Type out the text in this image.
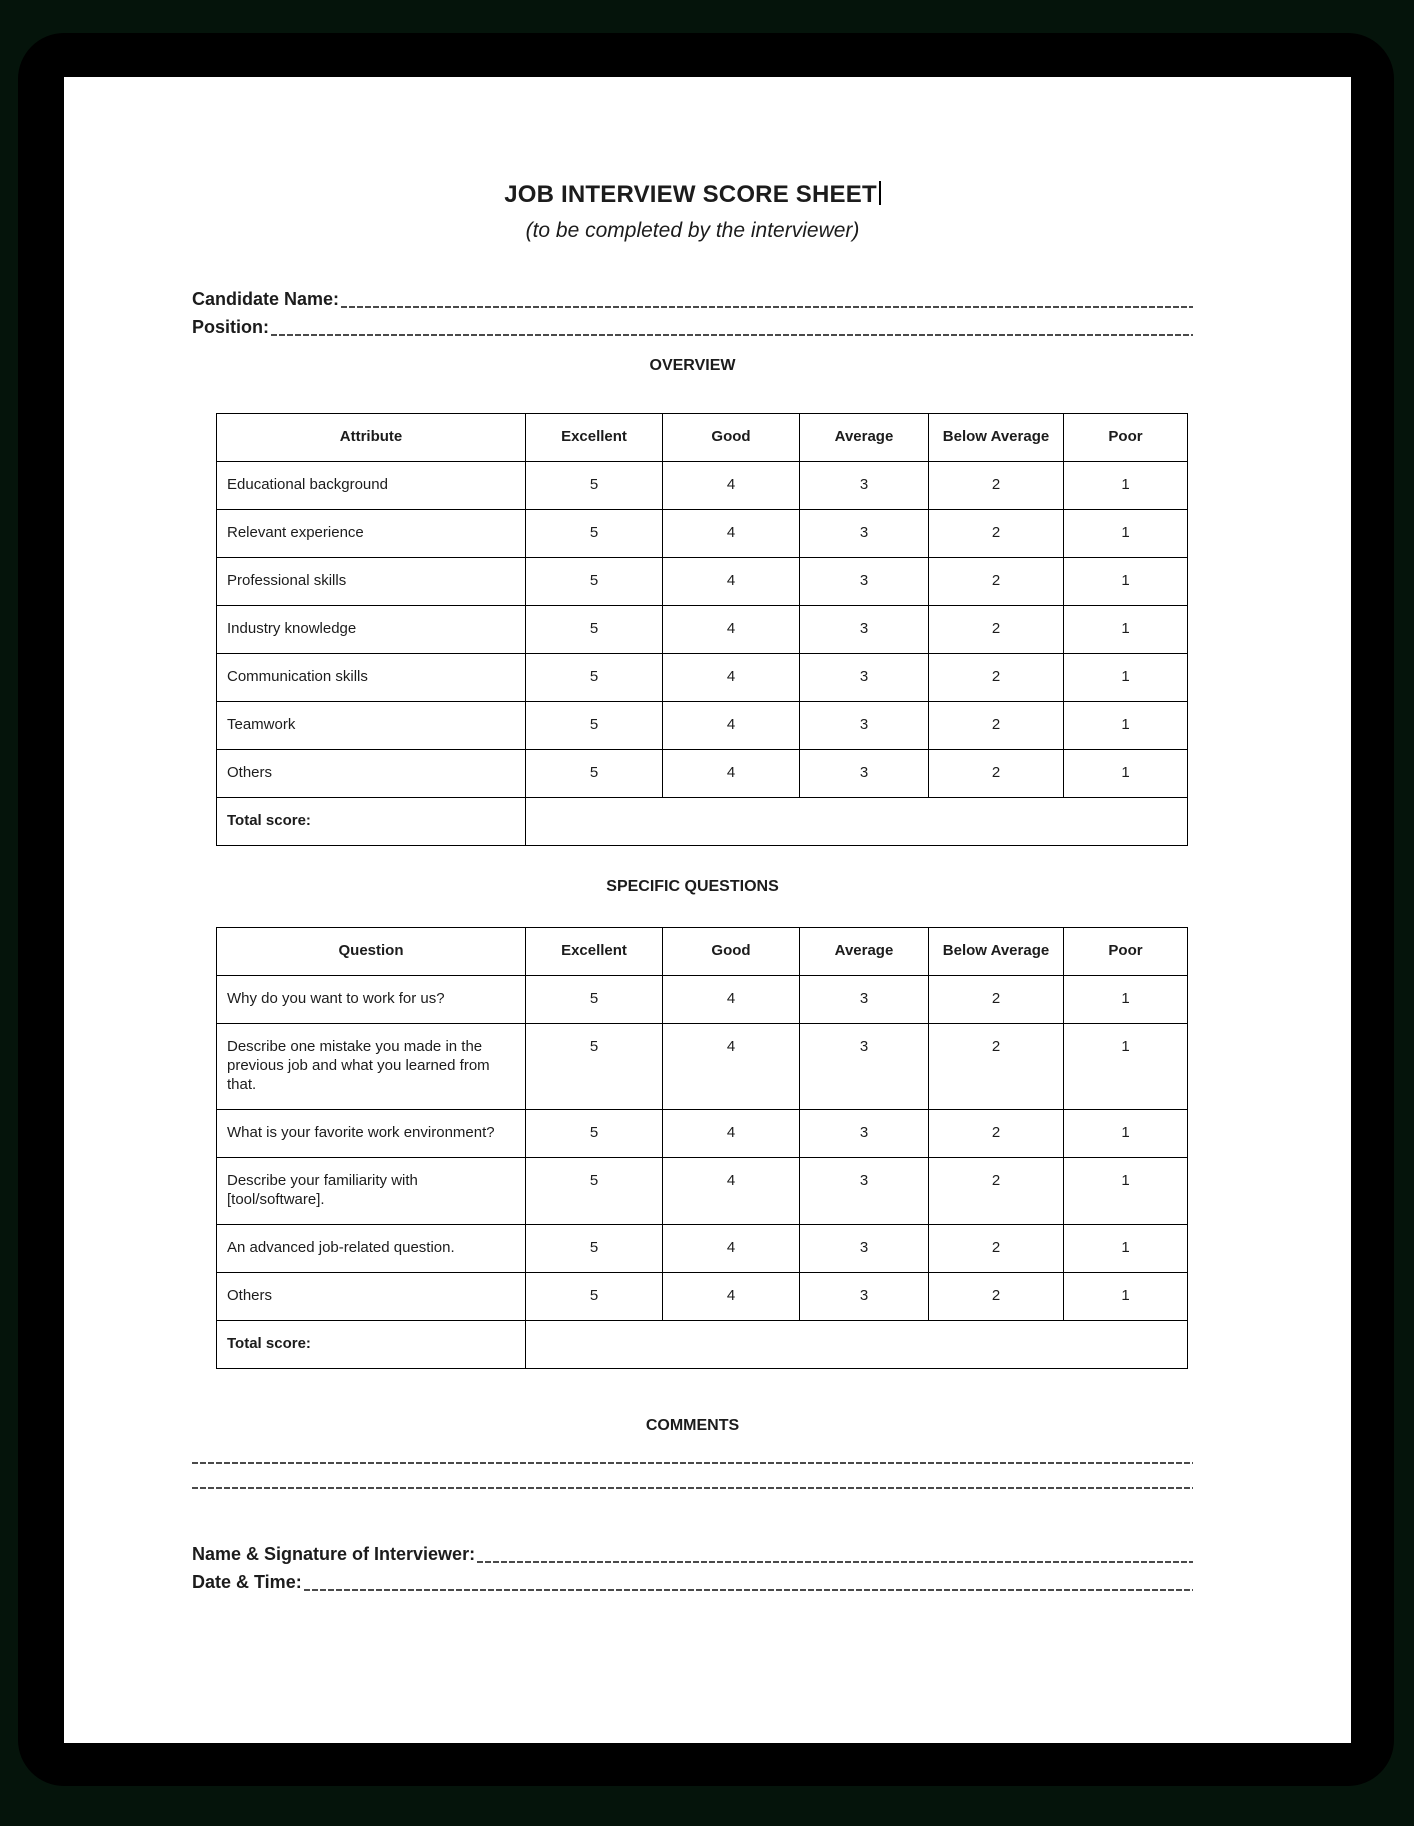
JOB INTERVIEW SCORE SHEET
(to be completed by the interviewer)
Candidate Name:
Position:
OVERVIEW
Attribute	Excellent	Good	Average	Below Average	Poor
Educational background	5	4	3	2	1
Relevant experience	5	4	3	2	1
Professional skills	5	4	3	2	1
Industry knowledge	5	4	3	2	1
Communication skills	5	4	3	2	1
Teamwork	5	4	3	2	1
Others	5	4	3	2	1
Total score:					
SPECIFIC QUESTIONS
Question	Excellent	Good	Average	Below Average	Poor
Why do you want to work for us?	5	4	3	2	1
Describe one mistake you made in the previous job and what you learned from that.	5	4	3	2	1
What is your favorite work environment?	5	4	3	2	1
Describe your familiarity with [tool/software].	5	4	3	2	1
An advanced job-related question.	5	4	3	2	1
Others	5	4	3	2	1
Total score:					
COMMENTS
Name & Signature of Interviewer:
Date & Time:
